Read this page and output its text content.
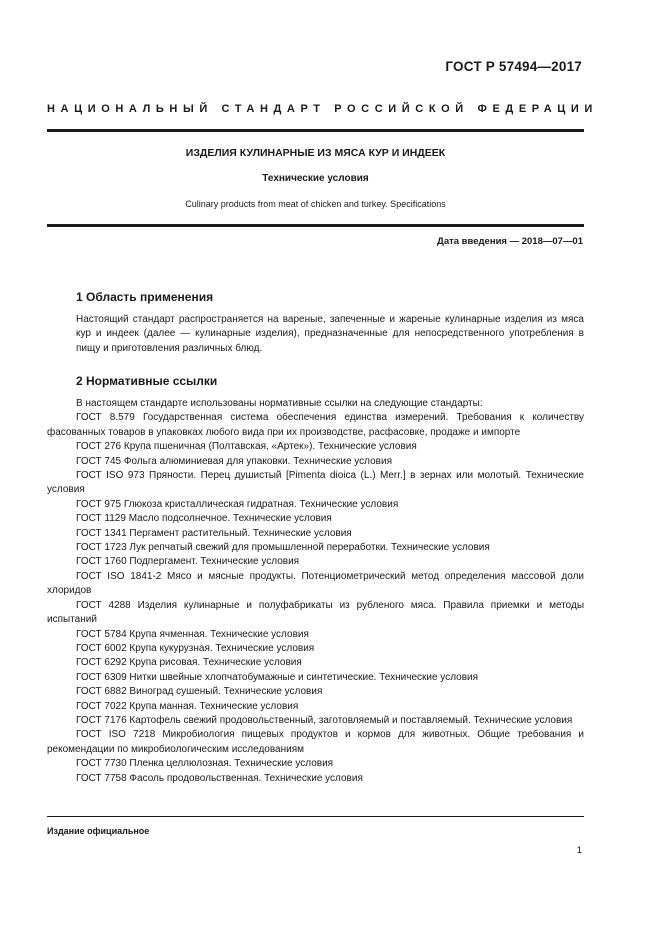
ГОСТ Р 57494—2017
НАЦИОНАЛЬНЫЙ СТАНДАРТ РОССИЙСКОЙ ФЕДЕРАЦИИ
ИЗДЕЛИЯ КУЛИНАРНЫЕ ИЗ МЯСА КУР И ИНДЕЕК
Технические условия
Culinary products from meat of chicken and turkey. Specifications
Дата введения — 2018—07—01
1 Область применения
Настоящий стандарт распространяется на вареные, запеченные и жареные кулинарные изделия из мяса кур и индеек (далее — кулинарные изделия), предназначенные для непосредственного употребления в пищу и приготовления различных блюд.
2 Нормативные ссылки
В настоящем стандарте использованы нормативные ссылки на следующие стандарты:
ГОСТ 8.579 Государственная система обеспечения единства измерений. Требования к количеству фасованных товаров в упаковках любого вида при их производстве, расфасовке, продаже и импорте
ГОСТ 276 Крупа пшеничная (Полтавская, «Артек»). Технические условия
ГОСТ 745 Фольга алюминиевая для упаковки. Технические условия
ГОСТ ISO 973 Пряности. Перец душистый [Pimenta dioica (L.) Merr.] в зернах или молотый. Технические условия
ГОСТ 975 Глюкоза кристаллическая гидратная. Технические условия
ГОСТ 1129 Масло подсолнечное. Технические условия
ГОСТ 1341 Пергамент растительный. Технические условия
ГОСТ 1723 Лук репчатый свежий для промышленной переработки. Технические условия
ГОСТ 1760 Подпергамент. Технические условия
ГОСТ ISO 1841-2 Мясо и мясные продукты. Потенциометрический метод определения массовой доли хлоридов
ГОСТ 4288 Изделия кулинарные и полуфабрикаты из рубленого мяса. Правила приемки и методы испытаний
ГОСТ 5784 Крупа ячменная. Технические условия
ГОСТ 6002 Крупа кукурузная. Технические условия
ГОСТ 6292 Крупа рисовая. Технические условия
ГОСТ 6309 Нитки швейные хлопчатобумажные и синтетические. Технические условия
ГОСТ 6882 Виноград сушеный. Технические условия
ГОСТ 7022 Крупа манная. Технические условия
ГОСТ 7176 Картофель свежий продовольственный, заготовляемый и поставляемый. Технические условия
ГОСТ ISO 7218 Микробиология пищевых продуктов и кормов для животных. Общие требования и рекомендации по микробиологическим исследованиям
ГОСТ 7730 Пленка целлюлозная. Технические условия
ГОСТ 7758 Фасоль продовольственная. Технические условия
Издание официальное
1
